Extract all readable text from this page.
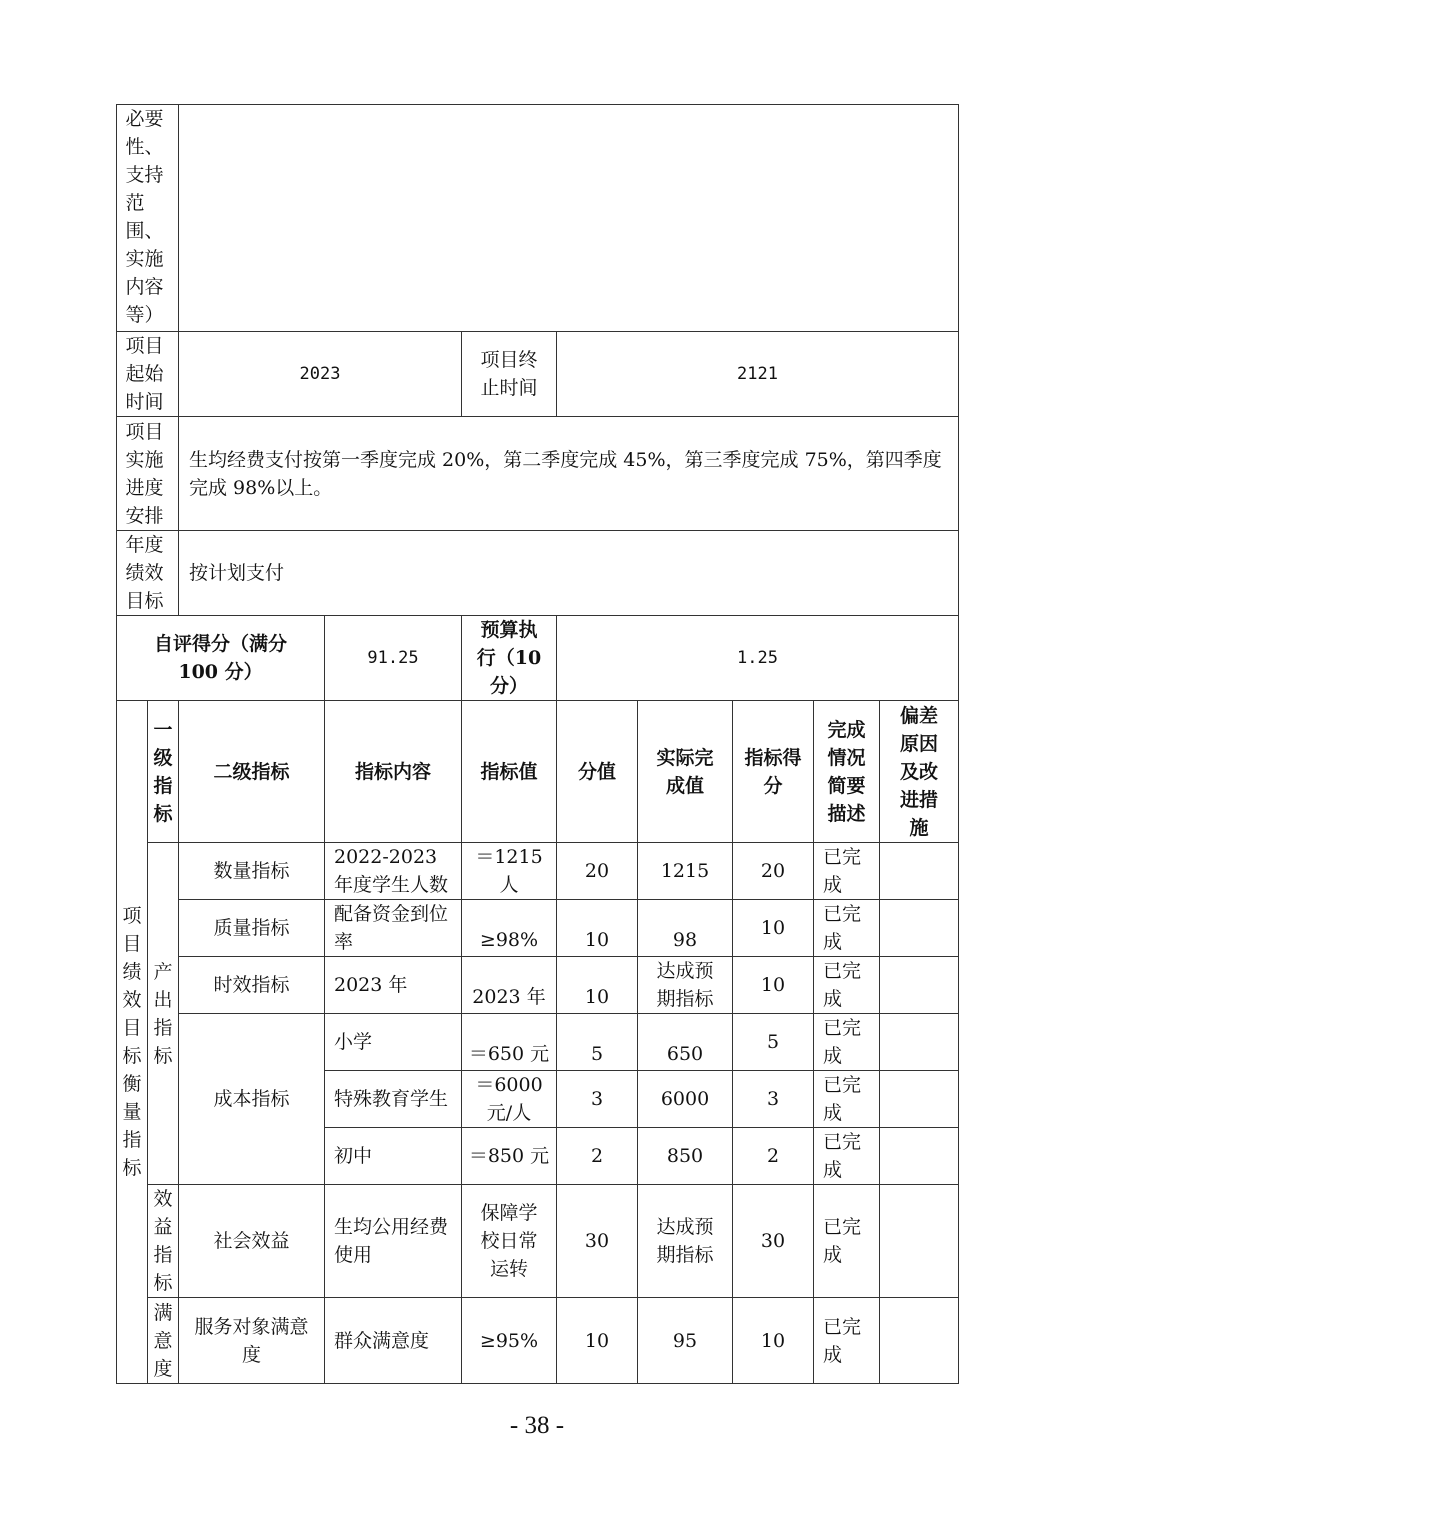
必要性、支持范围、实施内容等）									

项目起始时间		2023		项目终止时间	2121				

项目实施进度安排		生均经费支付按第一季度完成 20%，第二季度完成 45%，第三季度完成 75%，第四季度完成 98%以上。							

年度绩效目标		按计划支付							
自评得分（满分 100 分）			91.25	预算执行（10分）	1.25				

项目绩效目标衡量指标	一级指标	二级指标	指标内容	指标值	分值	实际完成值	指标得分	完成情况简要描述	偏差原因及改进措施

	产出指标	数量指标	2022-2023 年度学生人数	＝1215人	20	1215	20	已完成	
		质量指标	配备资金到位率	≥98%	10	98	10	已完成	
		时效指标	2023 年	2023 年	10	达成预期指标	10	已完成	
		成本指标	小学	＝650 元	5	650	5	已完成	
			特殊教育学生	＝6000元/人	3	6000	3	已完成	
			初中	＝850 元	2	850	2	已完成	

	效益指标	社会效益	生均公用经费使用	保障学校日常运转	30	达成预期指标	30	已完成	

	满意度	服务对象满意度	群众满意度	≥95%	10	95	10	已完成	
- 38 -
